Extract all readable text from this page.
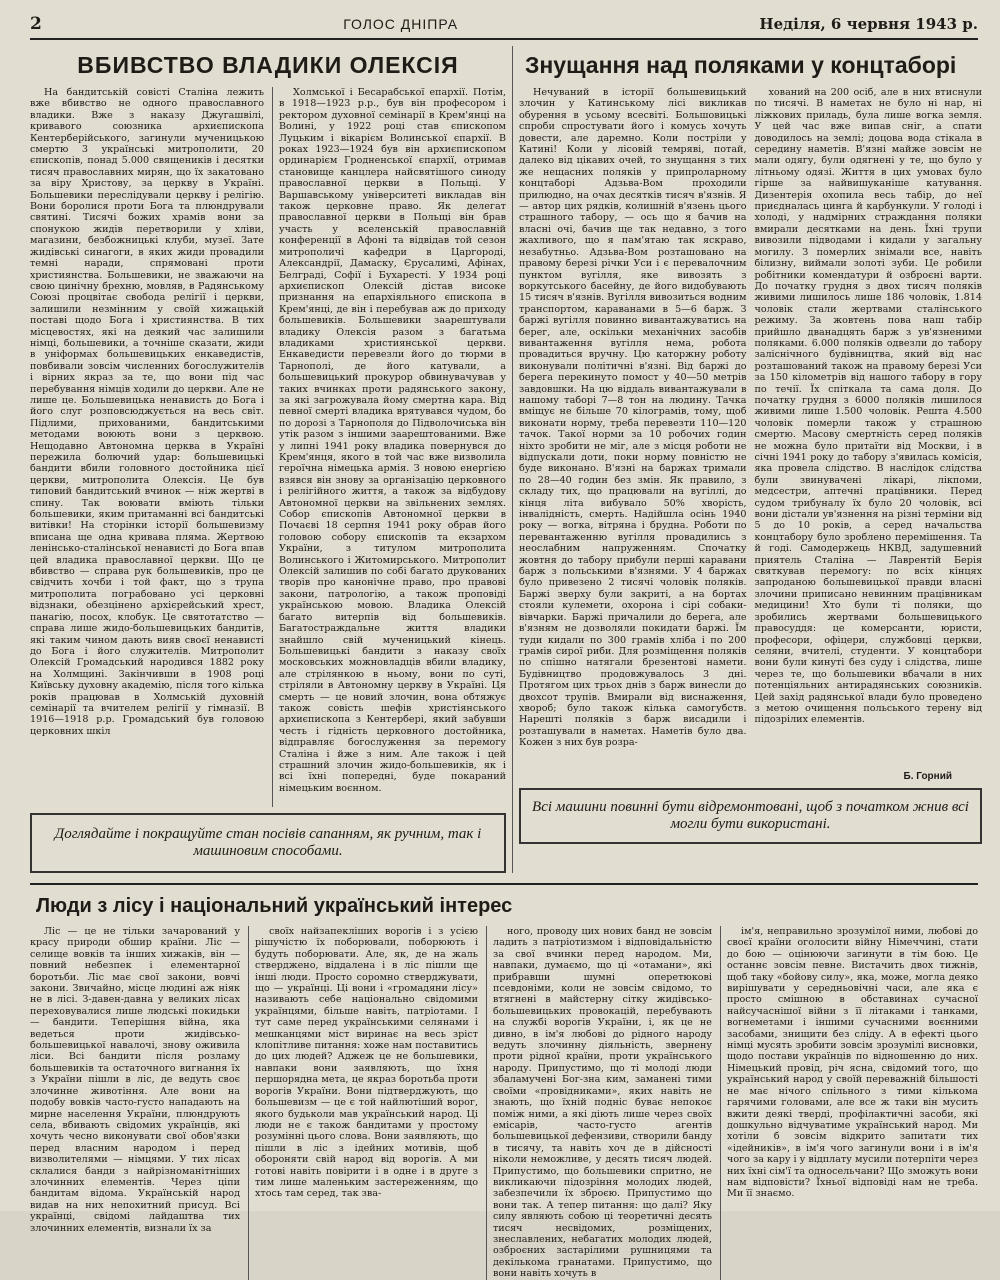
2	ГОЛОС ДНІПРА	Неділя, 6 червня 1943 р.
ВБИВСТВО ВЛАДИКИ ОЛЕКСІЯ

На бандитській совісті Сталіна лежить вже вбивство не одного православного владики. Вже з наказу Джугашвілі, кривавого союзника архиєпископа Кентерберійського, загинули мученицькою смертю 3 українські митрополити, 20 єпископів, понад 5.000 священиків і десятки тисяч православних мирян, що їх закатовано за віру Христову, за церкву в Україні. Большевики переслідували церкву і релігію. Вони боролися проти Бога та плюндрували святині. Тисячі божих храмів вони за спонукою жидів перетворили у хліви, магазини, безбожницькі клуби, музеї. Зате жидівські синагоги, в яких жиди провадили темні наради, спрямовані проти християнства. Большевики, не зважаючи на свою цинічну брехню, мовляв, в Радянському Союзі процвітає свобода релігії і церкви, залишили незмінним у своїй хижацькій поставі щодо Бога і християнства. В тих місцевостях, які на деякий час залишили німці, большевики, а точніше сказати, жиди в уніформах большевицьких енкаведистів, повбивали зовсім численних богослужителів і вірних якраз за те, що вони під час перебування німців ходили до церкви. Але не лише це. Большевицька ненависть до Бога і його слуг розповсюджується на весь світ. Підлими, прихованими, бандитськими методами воюють вони з церквою. Нещодавно Автономна церква в Україні пережила болючий удар: большевицькі бандити вбили головного достойника цієї церкви, митрополита Олексія. Це був типовий бандитський вчинок — ніж жертві в спину. Так воювати вміють тільки большевики, яким притаманні всі бандитські витівки! На сторінки історії большевизму вписана ще одна кривава пляма. Жертвою ленінсько-сталінської ненависті до Бога впав цей владика православної церкви. Що це вбивство — справа рук большевиків, про це свідчить хочби і той факт, що з трупа митрополита пограбовано усі церковні відзнаки, обезцінено архієрейський хрест, панагію, посох, клобук. Це святотатство — справа лише жидо-большевицьких бандитів, які таким чином дають вияв своєї ненависті до Бога і його служителів. Митрополит Олексій Громадський народився 1882 року на Холмщині. Закінчивши в 1908 році Київську духовну академію, після того кілька років працював в Холмській духовній семінарії та вчителем релігії у гімназії. В 1916—1918 р.р. Громадський був головою церковних шкіл

Холмської і Бесарабської епархії. Потім, в 1918—1923 р.р., був він професором і ректором духовної семінарії в Крем'янці на Волині, у 1922 році став єпископом Луцьким і вікарієм Волинської єпархії. В роках 1923—1924 був він архиєпископом ординарієм Гродненської єпархії, отримав становище канцлера найсвятішого синоду православної церкви в Польщі. У Варшавському університеті викладав він також церковне право. Як делегат православної церкви в Польщі він брав участь у вселенській православній конференції в Афоні та відвідав той сезон митрополичі кафедри в Царгороді, Александрії, Дамаску, Єрусалимі, Афінах, Белграді, Софії і Бухаресті. У 1934 році архиєпископ Олексій дістав високе признання на епархіяльного єпископа в Крем'янці, де він і перебував аж до приходу большевиків. Большевики заарештували владику Олексія разом з багатьма владиками християнської церкви. Енкаведисти перевезли його до тюрми в Тарнополі, де його катували, а большевицький прокурор обвинувачував у таких вчинках проти радянського закону, за які загрожувала йому смертна кара. Від певної смерті владика врятувався чудом, бо по дорозі з Тарнополя до Підволочиська він утік разом з іншими заарештованими. Вже у липні 1941 року владика повернувся до Крем'янця, якого в той час вже визволила героїчна німецька армія. З новою енергією взявся він знову за організацію церковного і релігійного життя, а також за відбудову Автономної церкви на звільнених землях. Собор єпископів Автономної церкви в Почаєві 18 серпня 1941 року обрав його головою собору єпископів та екзархом України, з титулом митрополита Волинського і Житомирського. Митрополит Олексій залишив по собі багато друкованих творів про канонічне право, про правові закони, патрологію, а також проповіді українською мовою. Владика Олексій багато витерпів від большевиків. Багатостраждальне життя владики знайшло свій мученицький кінець. Большевицькі бандити з наказу своїх московських можновладців вбили владику, але стрілянкою в ньому, вони по суті, стріляли в Автономну церкву в Україні. Ця смерть — це новий злочин, вона обтяжує також совість шефів христіянського архиєпископа з Кентербері, який забувши честь і гідність церковного достойника, відправляє богослуження за перемогу Сталіна і йже з ним. Але також і цей страшний злочин жидо-большевиків, як і всі їхні попередні, буде покараний німецьким воєнном.

Доглядайте і покращуйте стан посівів сапанням, як ручним, так і машиновим способами.
Знущання над поляками у концтаборі

Нечуваний в історії большевицький злочин у Катинському лісі викликав обурення в усьому всесвіті. Большовицькі спроби спростувати його і комусь хочуть довести, але даремно. Коли постріли у Катині! Коли у лісовій темряві, потай, далеко від цікавих очей, то знущання з тих же нещасних поляків у припроларному концтаборі Адзьва-Вом проходили прилюдно, на очах десятків тисяч в'язнів. Я — автор цих рядків, колишній в'язень цього страшного табору, — ось що я бачив на власні очі, бачив ще так недавно, з того жахливого, що я пам'ятаю так яскраво, незабутньо. Адзьва-Вом розташовано на правому березі річки Уси і є перевалочним пунктом вугілля, яке вивозять з воркутського басейну, де його видобувають 15 тисяч в'язнів. Вугілля вивозиться водним транспортом, караванами в 5—6 барж. З баржі вугілля повинно вивантажуватись на берег, але, оскільки механічних засобів вивантаження вугілля нема, робота провадиться вручну. Цю каторжну роботу виконували політичні в'язні. Від баржі до берега перекинуто помост у 40—50 метрів завдовшки. На цю віддаль вивантажували в нашому таборі 7—8 тон на людину. Тачка вміщує не більше 70 кілограмів, тому, щоб виконати норму, треба перевезти 110—120 тачок. Такої норми за 10 робочих годин ніхто зробити не міг, але з місця роботи не відпускали доти, поки норму повністю не буде виконано. В'язні на баржах тримали по 28—40 годин без змін. Як правило, з складу тих, що працювали на вугіллі, до кінця літа вибувало 50% хворість, інвалідність, смерть. Надійшла осінь 1940 року — вогка, вітряна і брудна. Роботи по перевантаженню вугілля провадились з неослабним напруженням. Спочатку жовтня до табору прибули перші каравани барж з польськими в'язнями. У 4 баржах було привезено 2 тисячі чоловік поляків. Баржі зверху були закриті, а на бортах стояли кулемети, охорона і сірі собаки-вівчарки. Баржі причалили до берега, але в'язням не дозволяли покидати баржі. Їм туди кидали по 300 грамів хліба і по 200 грамів сирої риби. Для розміщення поляків по спішно натягали брезентові намети. Будівництво продовжувалось 3 дні. Протягом цих трьох днів з барж винесли до двохсот трупів. Вмирали від виснаження, хвороб; було також кілька самогубств. Нарешті поляків з барж висадили і розташували в наметах. Наметів було два. Кожен з них був розра-

хований на 200 осіб, але в них втиснули по тисячі. В наметах не було ні нар, ні ліжкових приладь, була лише вогка земля. У цей час вже випав сніг, а спати доводилось на землі; доцова вода стікала в середину наметів. В'язні майже зовсім не мали одягу, були одягнені у те, що було у літньому одязі. Життя в цих умовах було гірше за найвишуканіше катування. Дизентерія охопила весь табір, до неї приєдналась цинга й карбункули. У голоді і холоді, у надмірних страждання поляки вмирали десятками на день. Їхні трупи вивозили підводами і кидали у загальну могилу. З померлих знімали все, навіть білизну, виймали золоті зуби. Це робили робітники комендатури й озброєні варти. До початку грудня з двох тисяч поляків живими лишилось лише 186 чоловік, 1.814 чоловік стали жертвами сталінського режиму. За жовтень пова наш табір прийшло дванадцять барж з ув'язненими поляками. 6.000 поляків одвезли до табору заліснічного будівництва, який від нас розташований також на правому березі Уси за 150 кілометрів від нашого табору в гору по течії. Їх спіткала та сама доля. До початку грудня з 6000 поляків лишилося живими лише 1.500 чоловік. Решта 4.500 чоловік померли також у страшною смертю. Масову смертність серед поляків не можна було притаїти від Москви, і в січні 1941 року до табору з'явилась комісія, яка провела слідство. В наслідок слідства були звинувачені лікарі, лікпоми, медсестри, аптечні працівники. Перед судом трибуналу їх було 20 чоловік, всі вони дістали ув'язнення на різні терміни від 5 до 10 років, а серед начальства концтабору було зроблено перемішення. Та й годі. Самодержець НКВД, задушевний приятель Сталіна — Лаврентій Берія святкував перемогу: по всіх кінцях запроданою большевицької правди власні злочини приписано невинним працівникам медицини! Хто були ті поляки, що зробились жертвами большевицького правосуддя: це комерсанти, юристи, професори, офіцери, службовці церкви, селяни, вчителі, студенти. У концтабори вони були кинуті без суду і слідства, лише через те, що большевики вбачали в них потенціяльних антирадянських союзників. Цей захід радянської влади було проведено з метою очищення польського терену від підозрілих елементів.

Б. Горний
Всі машини повинні бути відремонтовані, щоб з початком жнив всі могли бути використані.
Люди з лісу і національний український інтерес

Ліс — це не тільки зачарований у красу природи обшир країни. Ліс — селище вовків та інших хижаків, він — повний небезпек і елементарної боротьби. Ліс має свої закони, вовчі закони. Звичайно, місце людині аж ніяк не в лісі. З-давен-давна у великих лісах переховувалися лише людські покидьки — бандити. Теперішня війна, яка ведеться проти жидівсько-большевицької навалочі, знову оживила ліси. Всі бандити після розламу большевиків та остаточного вигнання їх з України пішли в ліс, де ведуть своє злочинне животіння. Але вони на подобу вовків часто-густо нападають на мирне населення України, плюндрують села, вбивають свідомих українців, які хочуть чесно виконувати свої обов'язки перед власним народом і перед визволителями — німцями. У тих лісах склалися банди з найрізноманітніших злочинних елементів. Через ціпи бандитам відома. Українській народ видав на них непохитний присуд. Всі українці, свідомі лайдаштва тих злочинних елементів, визнали їх за

своїх найзапекліших ворогів і з усією рішучістю їх поборювали, поборюють і будуть поборювати. Але, як, де на жаль стверджено, віддалена і в ліс пішли ще інші люди. Просто соромно стверджувати, що — українці. Ці вони і «громадяни лісу» називають себе національно свідомими українцями, більше навіть, патріотами. І тут саме перед українськими селянами і мешканцями міст виринає на весь зріст клопітливе питання: хоже нам поставитись до цих людей? Аджеж це не большевики, навпаки вони заявляють, що їхня першорядна мета, це якраз боротьба проти ворогів України. Вони підтверджують, що большевизм — це є той найлютіший ворог, якого будьколи мав український народ. Ці люди не є також бандитами у простому розумінні цього слова. Вони заявляють, що пішли в ліс з ідейних мотивів, щоб обороняти свій народ від ворогів. А ми готові навіть повірити і в одне і в друге з тим лише маленьким застереженням, що хтось там серед, так зва-

ного, проводу цих нових банд не зовсім ладить з патріотизмом і відповідальністю за свої вчинки перед народом. Ми, навпаки, думаємо, що ці «отамани», які прибравши шумні оперетюкові псевдоніми, коли не зовсім свідомо, то втягнені в майстерну сітку жидівсько-большевицьких провокацій, перебувають на службі ворогів України, і, як це не дивно, в ім'я любові до рідного народу ведуть злочинну діяльність, звернену проти рідної країни, проти українського народу. Припустимо, що ті молоді люди збаламучені Бог-зна ким, заманені тими своїми «провідниками», яких навіть не знають, що їхній подніс буває непокоє поміж ними, а які діють лише через своїх емісарів, часто-густо агентів большевицької дефензиви, створили банду в тисячу, та навіть хоч де в дійсності ніколи неможливе, у десять тисяч людей. Припустимо, що большевики спритно, не викликаючи підозріння молодих людей, забезпечили їх зброєю. Припустимо що вони так. А тепер питання: що далі? Яку силу являють собою ці теоретичні десять тисяч несвідомих, розміщених, знеславлених, небагатих молодих людей, озброєних застарілими рушницями та декількома гранатами. Припустимо, що вони навіть хочуть в

ім'я, неправильно зрозумілої ними, любові до своєї країни оголосити війну Німеччині, стати до бою — оцінюючи загинути в тім бою. Це останнє зовсім певне. Вистачить двох тижнів, щоб таку «бойову силу», яка, може, могла деяко вирішувати у середньовічні часи, але яка є просто смішною в обставинах сучасної найсучаснішої війни з її літаками і танками, вогнеметами і іншими сучасними воєнними засобами, знищити без сліду. А в ефекті цього німці мусять зробити зовсім зрозумілі висновки, щодо постави українців по відношенню до них. Німецький провід, річ ясна, свідомий того, що український народ у своїй переважній більшості не має нічого спільного з тими кількома гарячими головами, але все ж таки він мусить вжити деякі тверді, профілактичні засоби, які дошкульно відчуватиме український народ. Ми хотіли б зовсім відкрито запитати тих «ідейників», в ім'я чого загинули вони і в ім'я чого за кару і у відплату мусили потерпіти через них їхні сім'ї та односельчани? Що зможуть вони нам відповісти? Їхньої відповіді нам не треба. Ми її знаємо.
